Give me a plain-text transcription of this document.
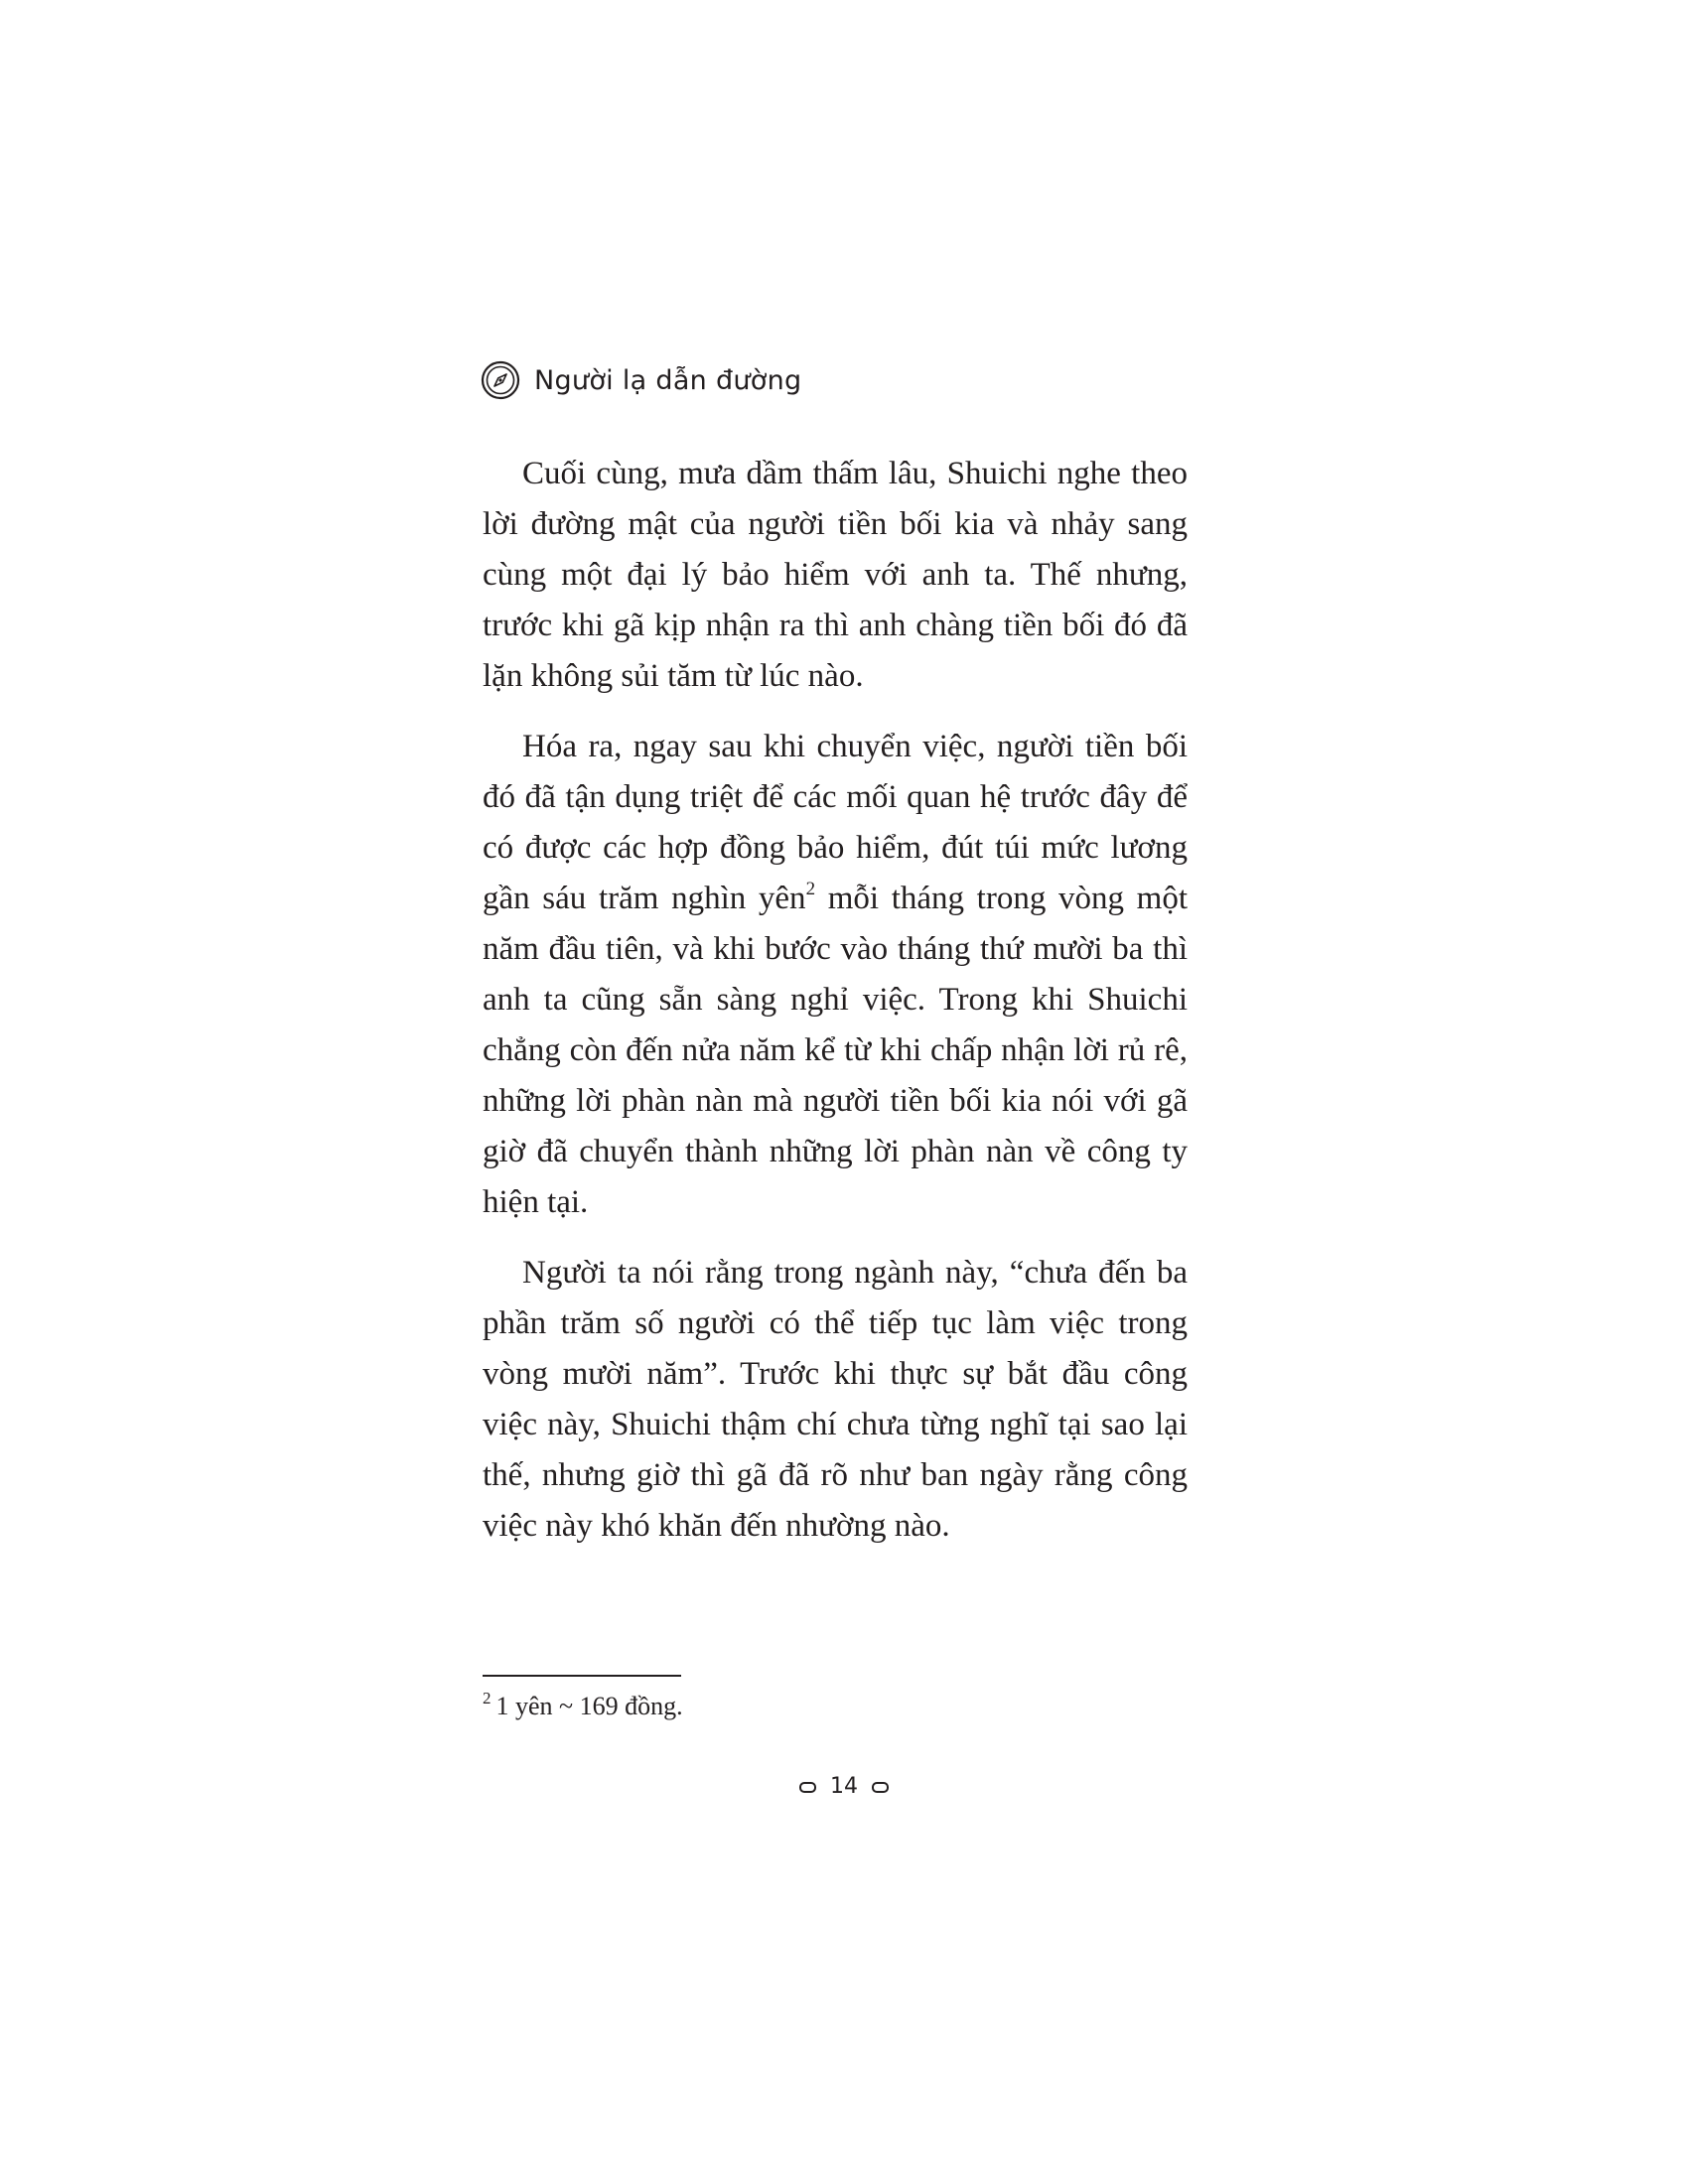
Người lạ dẫn đường

Cuối cùng, mưa dầm thấm lâu, Shuichi nghe theo lời đường mật của người tiền bối kia và nhảy sang cùng một đại lý bảo hiểm với anh ta. Thế nhưng, trước khi gã kịp nhận ra thì anh chàng tiền bối đó đã lặn không sủi tăm từ lúc nào.

Hóa ra, ngay sau khi chuyển việc, người tiền bối đó đã tận dụng triệt để các mối quan hệ trước đây để có được các hợp đồng bảo hiểm, đút túi mức lương gần sáu trăm nghìn yên$^2$ mỗi tháng trong vòng một năm đầu tiên, và khi bước vào tháng thứ mười ba thì anh ta cũng sẵn sàng nghỉ việc. Trong khi Shuichi chẳng còn đến nửa năm kể từ khi chấp nhận lời rủ rê, những lời phàn nàn mà người tiền bối kia nói với gã giờ đã chuyển thành những lời phàn nàn về công ty hiện tại.

Người ta nói rằng trong ngành này, “chưa đến ba phần trăm số người có thể tiếp tục làm việc trong vòng mười năm”. Trước khi thực sự bắt đầu công việc này, Shuichi thậm chí chưa từng nghĩ tại sao lại thế, nhưng giờ thì gã đã rõ như ban ngày rằng công việc này khó khăn đến nhường nào.

$^2$ 1 yên ~ 169 đồng.
14
